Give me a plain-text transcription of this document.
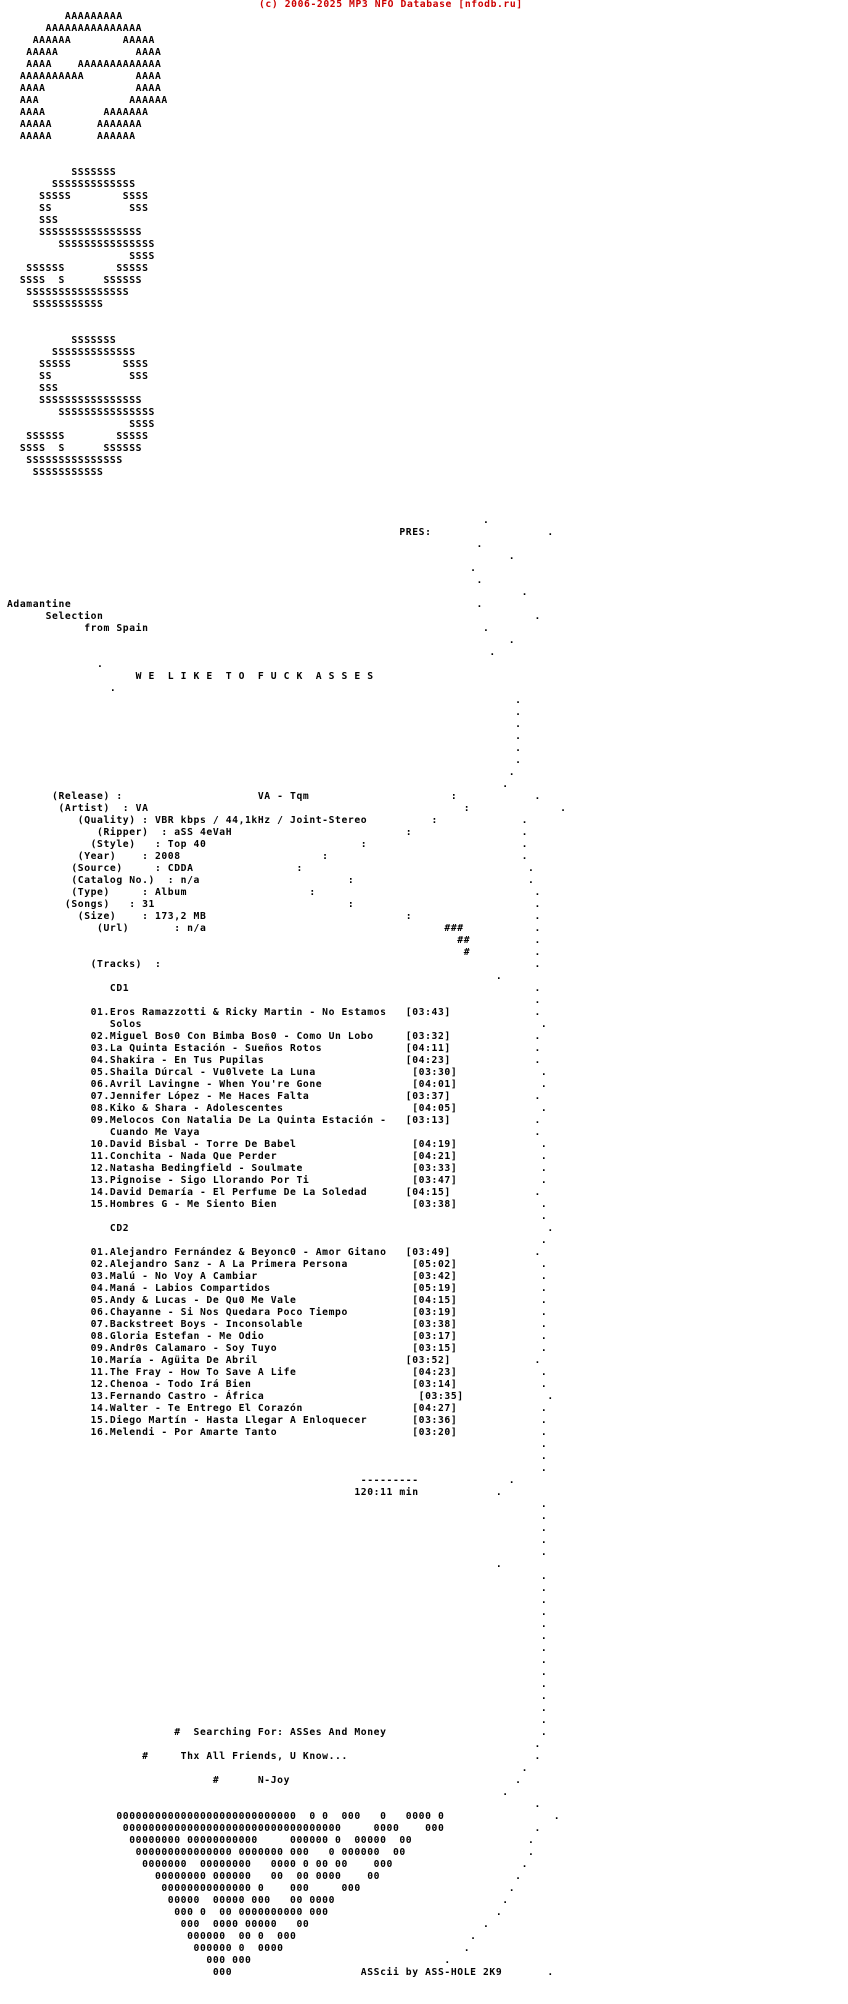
(c) 2006-2025 MP3 NFO Database [nfodb.ru]
AAAAAAAAA
AAAAAAAAAAAAAAA
AAAAAA        AAAAA
AAAAA            AAAA
AAAA    AAAAAAAAAAAAA
AAAAAAAAAA        AAAA
AAAA              AAAA
AAA              AAAAAA
AAAA         AAAAAAA
AAAAA       AAAAAAA
AAAAA       AAAAAA
SSSSSSS
SSSSSSSSSSSSS
SSSSS        SSSS
SS            SSS
SSS
SSSSSSSSSSSSSSSS
SSSSSSSSSSSSSSS
SSSS
SSSSSS        SSSSS
SSSS  S      SSSSSS
SSSSSSSSSSSSSSSS
SSSSSSSSSSS
SSSSSSS
SSSSSSSSSSSSS
SSSSS        SSSS
SS            SSS
SSS
SSSSSSSSSSSSSSSS
SSSSSSSSSSSSSSS
SSSS
SSSSSS        SSSSS
SSSS  S      SSSSSS
SSSSSSSSSSSSSSS
SSSSSSSSSSS
.
PRES:                  .
.
.
.
.
.
Adamantine                                                               .
Selection                                                                   .
from Spain                                                    .
.
.
.
W E  L I K E  T O  F U C K  A S S E S
.
.
.
.
.
.
.
.
.
(Release) :                     VA - Tqm                      :            .
(Artist)  : VA                                                 :              .
(Quality) : VBR kbps / 44,1kHz / Joint-Stereo          :             .
(Ripper)  : aSS 4eVaH                           :                 .
(Style)   : Top 40                        :                        .
(Year)    : 2008                      :                              .
(Source)     : CDDA                :                                   .
(Catalog No.)  : n/a                       :                           .
(Type)     : Album                   :                                  .
(Songs)   : 31                              :                            .
(Size)    : 173,2 MB                               :                   .
(Url)       : n/a                                     ###           .
##          .
#          .
(Tracks)  :                                                          .
.
CD1                                                               .
.
01.Eros Ramazzotti & Ricky Martin - No Estamos   [03:43]             .
Solos                                                              .
02.Miguel Bos0 Con Bimba Bos0 - Como Un Lobo     [03:32]             .
03.La Quinta Estación - Sueños Rotos             [04:11]             .
04.Shakira - En Tus Pupilas                      [04:23]             .
05.Shaila Dúrcal - Vu0lvete La Luna               [03:30]             .
06.Avril Lavingne - When You're Gone              [04:01]             .
07.Jennifer López - Me Haces Falta               [03:37]             .
08.Kiko & Shara - Adolescentes                    [04:05]             .
09.Melocos Con Natalia De La Quinta Estación -   [03:13]             .
Cuando Me Vaya                                                    .
10.David Bisbal - Torre De Babel                  [04:19]             .
11.Conchita - Nada Que Perder                     [04:21]             .
12.Natasha Bedingfield - Soulmate                 [03:33]             .
13.Pignoise - Sigo Llorando Por Ti                [03:47]             .
14.David Demaría - El Perfume De La Soledad      [04:15]             .
15.Hombres G - Me Siento Bien                     [03:38]             .
.
CD2                                                                 .
.
01.Alejandro Fernández & Beyonc0 - Amor Gitano   [03:49]             .
02.Alejandro Sanz - A La Primera Persona          [05:02]             .
03.Malú - No Voy A Cambiar                        [03:42]             .
04.Maná - Labios Compartidos                      [05:19]             .
05.Andy & Lucas - De Qu0 Me Vale                  [04:15]             .
06.Chayanne - Si Nos Quedara Poco Tiempo          [03:19]             .
07.Backstreet Boys - Inconsolable                 [03:38]             .
08.Gloria Estefan - Me Odio                       [03:17]             .
09.Andr0s Calamaro - Soy Tuyo                     [03:15]             .
10.María - Agüita De Abril                       [03:52]             .
11.The Fray - How To Save A Life                  [04:23]             .
12.Chenoa - Todo Irá Bien                         [03:14]             .
13.Fernando Castro - África                        [03:35]             .
14.Walter - Te Entrego El Corazón                 [04:27]             .
15.Diego Martín - Hasta Llegar A Enloquecer       [03:36]             .
16.Melendi - Por Amarte Tanto                     [03:20]             .
.
.
.
---------              .
120:11 min            .
.
.
.
.
.
.
.
.
.
.
.
.
.
.
.
.
.
.
.
#  Searching For: ASSes And Money                        .
.
#     Thx All Friends, U Know...                             .
.
#      N-Joy                                   .
.
.
0000000000000000000000000000  0 0  000   0   0000 0                 .
0000000000000000000000000000000000     0000    000              .
00000000 00000000000     000000 0  00000  00                  .
000000000000000 0000000 000   0 000000  00                   .
0000000  00000000   0000 0 00 00    000                    .
00000000 000000   00  00 0000    00                     .
00000000000000 0    000     000                       .
00000  00000 000   00 0000                          .
000 0  00 0000000000 000                          .
000  0000 00000   00                           .
000000  00 0  000                           .
000000 0  0000                            .
000 000                              .
000                    ASScii by ASS-HOLE 2K9       .
